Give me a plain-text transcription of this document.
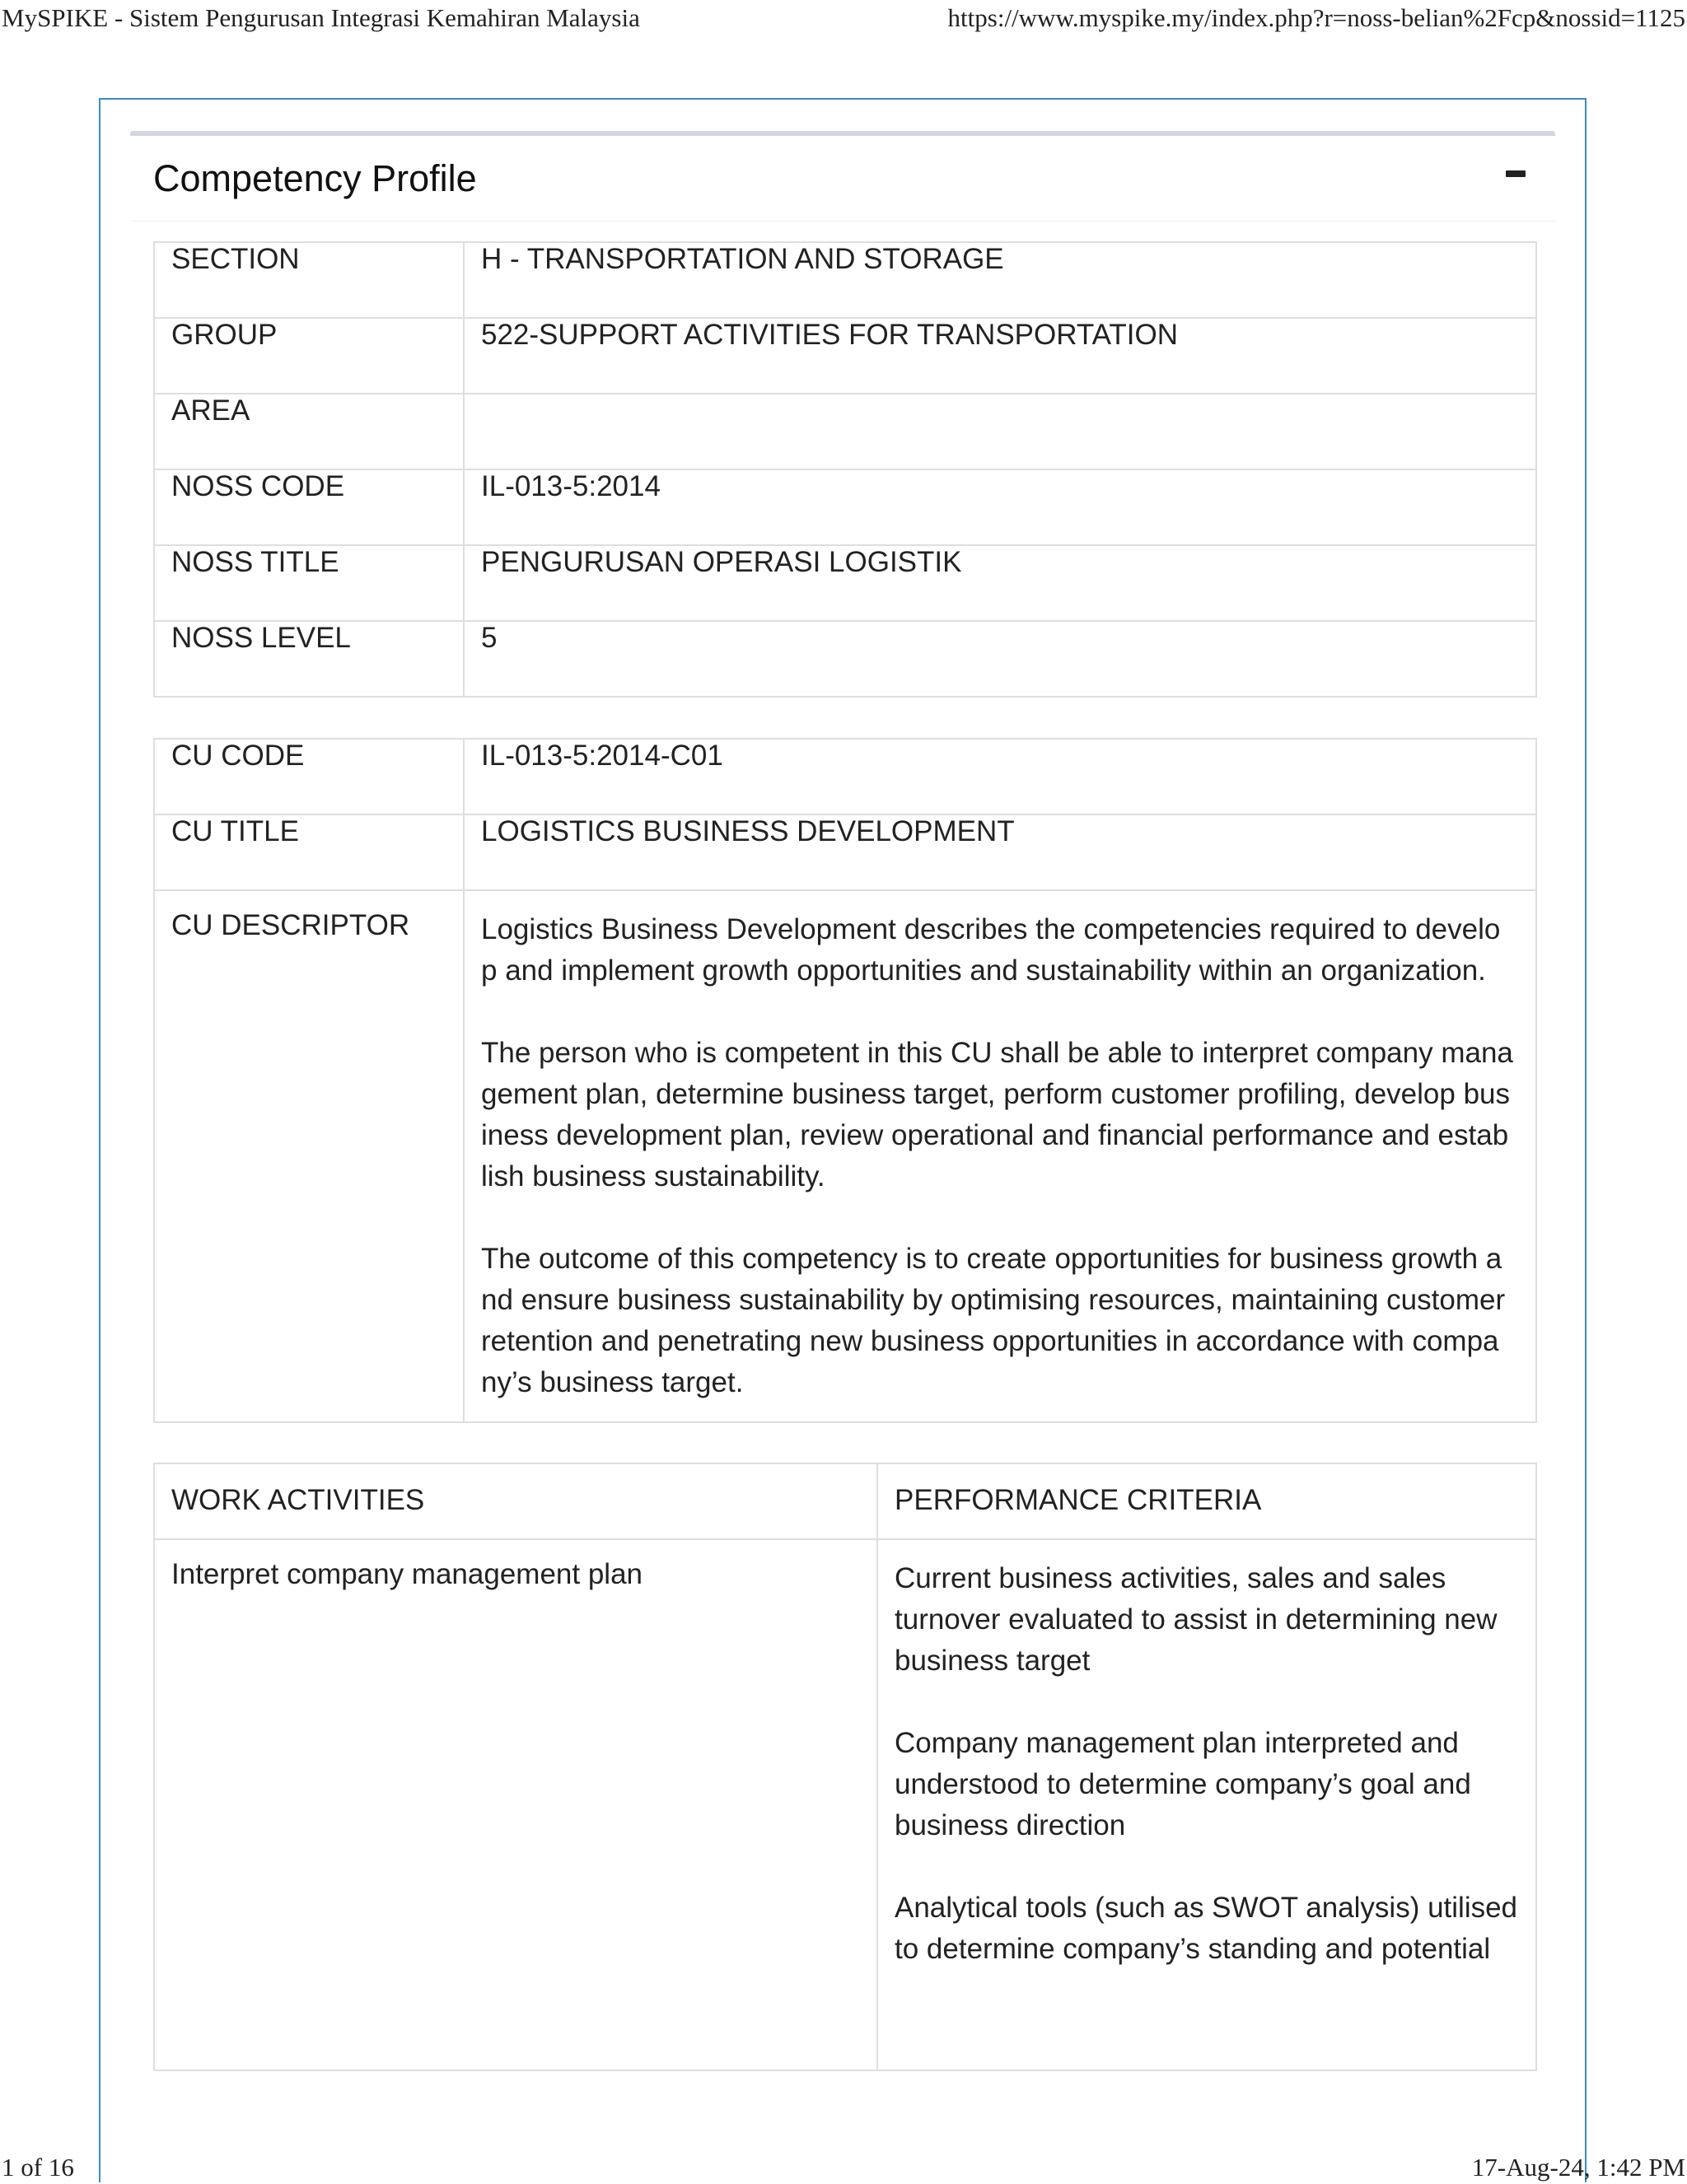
MySPIKE - Sistem Pengurusan Integrasi Kemahiran Malaysia	https://www.myspike.my/index.php?r=noss-belian%2Fcp&nossid=1125
Competency Profile
SECTION	H - TRANSPORTATION AND STORAGE
GROUP	522-SUPPORT ACTIVITIES FOR TRANSPORTATION
AREA	
NOSS CODE	IL-013-5:2014
NOSS TITLE	PENGURUSAN OPERASI LOGISTIK
NOSS LEVEL	5
CU CODE	IL-013-5:2014-C01
CU TITLE	LOGISTICS BUSINESS DEVELOPMENT
CU DESCRIPTOR	Logistics Business Development describes the competencies required to develo p and implement growth opportunities and sustainability within an organization.

The person who is competent in this CU shall be able to interpret company mana gement plan, determine business target, perform customer profiling, develop bus iness development plan, review operational and financial performance and estab lish business sustainability.

The outcome of this competency is to create opportunities for business growth a nd ensure business sustainability by optimising resources, maintaining customer retention and penetrating new business opportunities in accordance with compa ny’s business target.

WORK ACTIVITIES	PERFORMANCE CRITERIA
Interpret company management plan	Current business activities, sales and sales turnover evaluated to assist in determining new business target

Company management plan interpreted and understood to determine company’s goal and business direction

Analytical tools (such as SWOT analysis) utilised to determine company’s standing and potential

1 of 16	17-Aug-24, 1:42 PM
